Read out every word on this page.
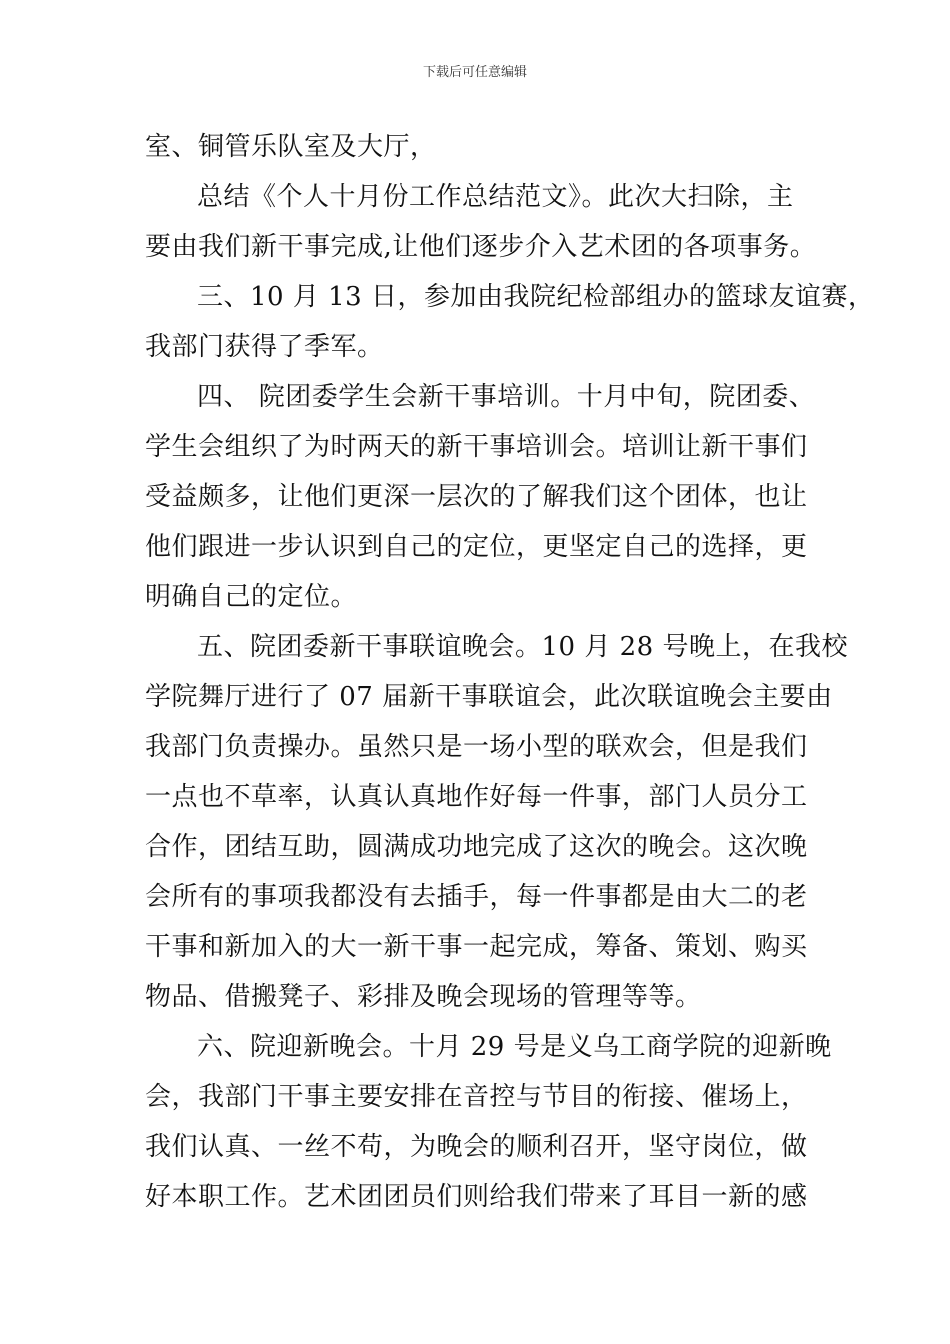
下载后可任意编辑
室、铜管乐队室及大厅，
总结《个人十月份工作总结范文》。此次大扫除，主
要由我们新干事完成,让他们逐步介入艺术团的各项事务。
三、10 月 13 日，参加由我院纪检部组办的篮球友谊赛，
我部门获得了季军。
四、 院团委学生会新干事培训。十月中旬，院团委、
学生会组织了为时两天的新干事培训会。培训让新干事们
受益颇多，让他们更深一层次的了解我们这个团体，也让
他们跟进一步认识到自己的定位，更坚定自己的选择，更
明确自己的定位。
五、院团委新干事联谊晚会。10 月 28 号晚上，在我校
学院舞厅进行了 07 届新干事联谊会，此次联谊晚会主要由
我部门负责操办。虽然只是一场小型的联欢会，但是我们
一点也不草率，认真认真地作好每一件事，部门人员分工
合作，团结互助，圆满成功地完成了这次的晚会。这次晚
会所有的事项我都没有去插手，每一件事都是由大二的老
干事和新加入的大一新干事一起完成，筹备、策划、购买
物品、借搬凳子、彩排及晚会现场的管理等等。
六、院迎新晚会。十月 29 号是义乌工商学院的迎新晚
会，我部门干事主要安排在音控与节目的衔接、催场上，
我们认真、一丝不苟，为晚会的顺利召开，坚守岗位，做
好本职工作。艺术团团员们则给我们带来了耳目一新的感
